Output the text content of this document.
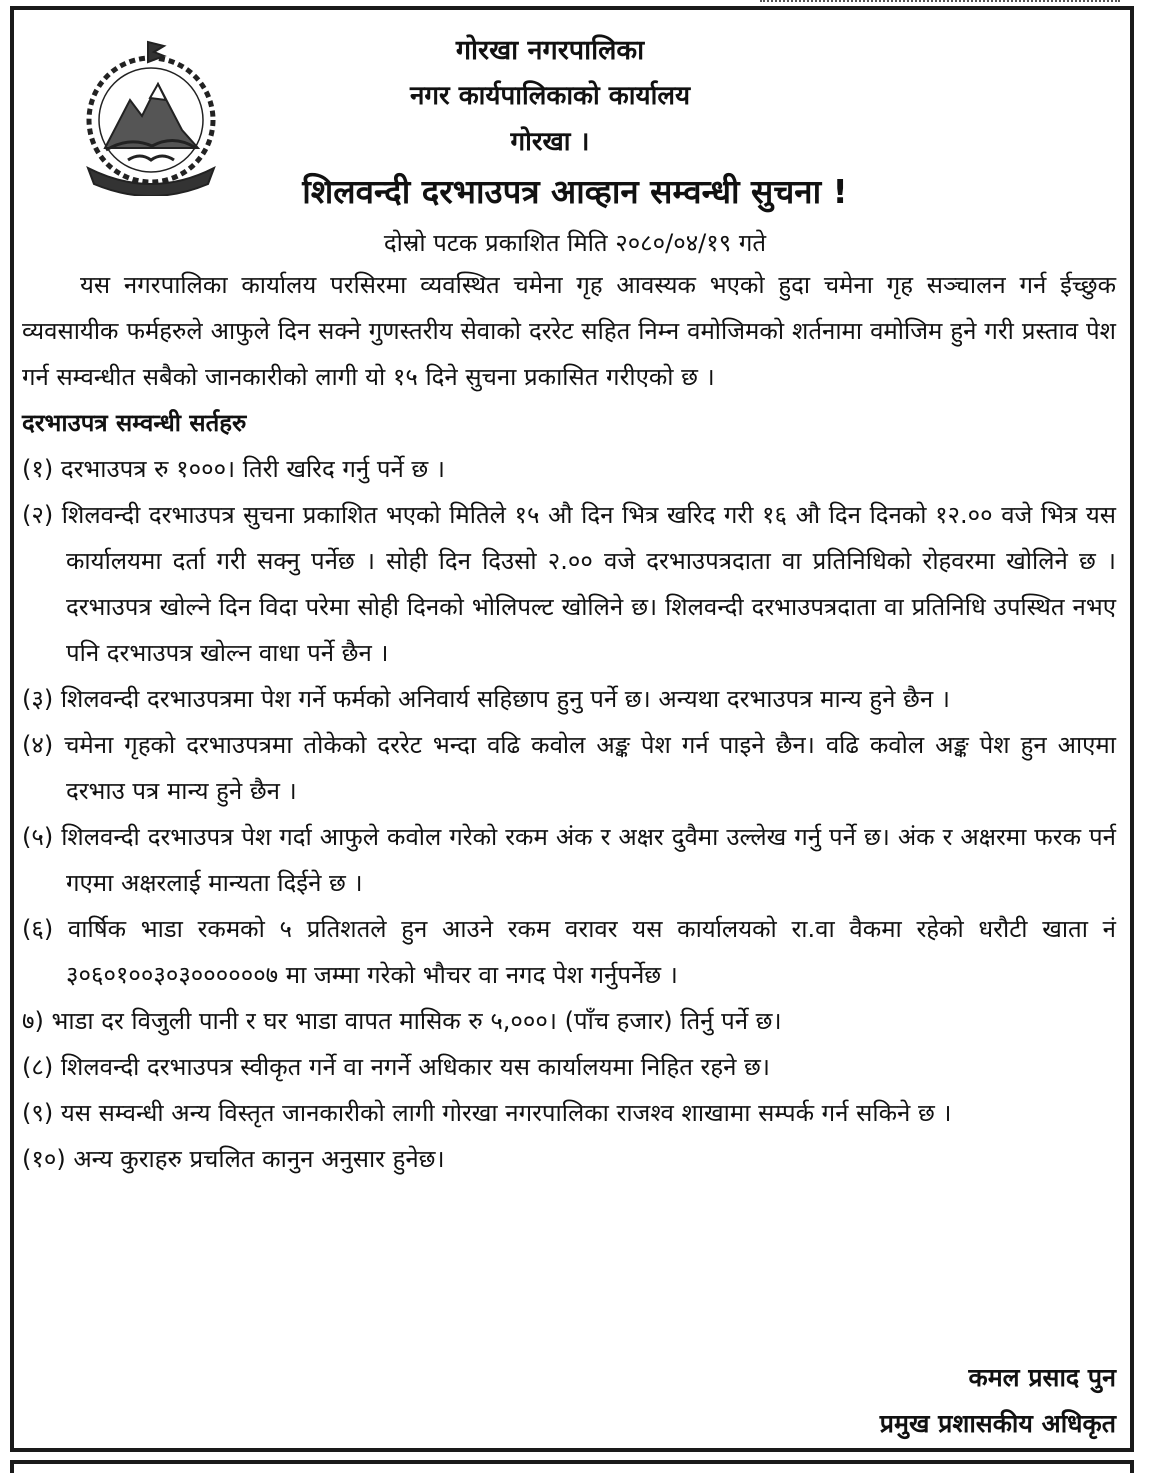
गोरखा नगरपालिका
नगर कार्यपालिकाको कार्यालय
गोरखा ।
शिलवन्दी दरभाउपत्र आव्हान सम्वन्धी सुचना !
दोस्रो पटक प्रकाशित मिति २०८०/०४/१९ गते

यस नगरपालिका कार्यालय परसिरमा व्यवस्थित चमेना गृह आवस्यक भएको हुदा चमेना गृह सञ्चालन गर्न ईच्छुक व्यवसायीक फर्महरुले आफुले दिन सक्ने गुणस्तरीय सेवाको दररेट सहित निम्न वमोजिमको शर्तनामा वमोजिम हुने गरी प्रस्ताव पेश गर्न सम्वन्धीत सबैको जानकारीको लागी यो १५ दिने सुचना प्रकासित गरीएको छ ।

दरभाउपत्र सम्वन्धी सर्तहरु

(१) दरभाउपत्र रु १०००। तिरी खरिद गर्नु पर्ने छ ।

(२) शिलवन्दी दरभाउपत्र सुचना प्रकाशित भएको मितिले १५ औ दिन भित्र खरिद गरी १६ औ दिन दिनको १२.०० वजे भित्र यस कार्यालयमा दर्ता गरी सक्नु पर्नेछ । सोही दिन दिउसो २.०० वजे दरभाउपत्रदाता वा प्रतिनिधिको रोहवरमा खोलिने छ । दरभाउपत्र खोल्ने दिन विदा परेमा सोही दिनको भोलिपल्ट खोलिने छ। शिलवन्दी दरभाउपत्रदाता वा प्रतिनिधि उपस्थित नभए पनि दरभाउपत्र खोल्न वाधा पर्ने छैन ।

(३) शिलवन्दी दरभाउपत्रमा पेश गर्ने फर्मको अनिवार्य सहिछाप हुनु पर्ने छ। अन्यथा दरभाउपत्र मान्य हुने छैन ।

(४) चमेना गृहको दरभाउपत्रमा तोकेको दररेट भन्दा वढि कवोल अङ्क पेश गर्न पाइने छैन। वढि कवोल अङ्क पेश हुन आएमा दरभाउ पत्र मान्य हुने छैन ।

(५) शिलवन्दी दरभाउपत्र पेश गर्दा आफुले कवोल गरेको रकम अंक र अक्षर दुवैमा उल्लेख गर्नु पर्ने छ। अंक र अक्षरमा फरक पर्न गएमा अक्षरलाई मान्यता दिईने छ ।

(६) वार्षिक भाडा रकमको ५ प्रतिशतले हुन आउने रकम वरावर यस कार्यालयको रा.वा वैकमा रहेको धरौटी खाता नं ३०६०१००३०३००००००७ मा जम्मा गरेको भौचर वा नगद पेश गर्नुपर्नेछ ।

७) भाडा दर विजुली पानी र घर भाडा वापत मासिक रु ५,०००। (पाँच हजार) तिर्नु पर्ने छ।

(८) शिलवन्दी दरभाउपत्र स्वीकृत गर्ने वा नगर्ने अधिकार यस कार्यालयमा निहित रहने छ।

(९) यस सम्वन्धी अन्य विस्तृत जानकारीको लागी गोरखा नगरपालिका राजश्व शाखामा सम्पर्क गर्न सकिने छ ।

(१०) अन्य कुराहरु प्रचलित कानुन अनुसार हुनेछ।

कमल प्रसाद पुन
प्रमुख प्रशासकीय अधिकृत
